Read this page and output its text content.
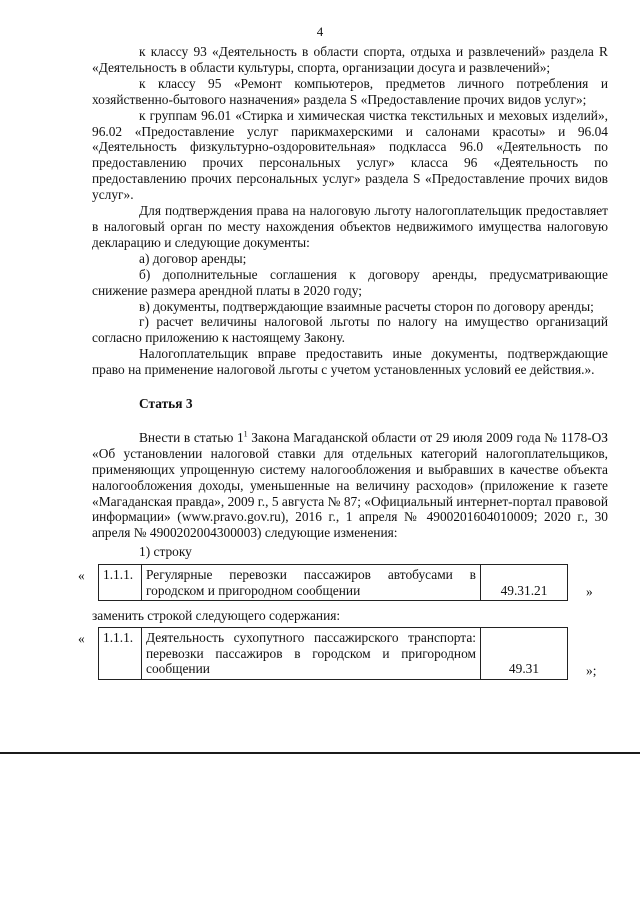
4

к классу 93 «Деятельность в области спорта, отдыха и развлечений» раздела R «Деятельность в области культуры, спорта, организации досуга и развлечений»;

к классу 95 «Ремонт компьютеров, предметов личного потребления и хозяйственно-бытового назначения» раздела S «Предоставление прочих видов услуг»;

к группам 96.01 «Стирка и химическая чистка текстильных и меховых изделий», 96.02 «Предоставление услуг парикмахерскими и салонами красоты» и 96.04 «Деятельность физкультурно-оздоровительная» подкласса 96.0 «Деятельность по предоставлению прочих персональных услуг» класса 96 «Деятельность по предоставлению прочих персональных услуг» раздела S «Предоставление прочих видов услуг».

Для подтверждения права на налоговую льготу налогоплательщик предоставляет в налоговый орган по месту нахождения объектов недвижимого имущества налоговую декларацию и следующие документы:

а) договор аренды;

б) дополнительные соглашения к договору аренды, предусматривающие снижение размера арендной платы в 2020 году;

в) документы, подтверждающие взаимные расчеты сторон по договору аренды;

г) расчет величины налоговой льготы по налогу на имущество организаций согласно приложению к настоящему Закону.

Налогоплательщик вправе предоставить иные документы, подтверждающие право на применение налоговой льготы с учетом установленных условий ее действия.».

Статья 3

Внести в статью $1^1$ Закона Магаданской области от 29 июля 2009 года № 1178-ОЗ «Об установлении налоговой ставки для отдельных категорий налогоплательщиков, применяющих упрощенную систему налогообложения и выбравших в качестве объекта налогообложения доходы, уменьшенные на величину расходов» (приложение к газете «Магаданская правда», 2009 г., 5 августа № 87; «Официальный интернет-портал правовой информации» (www.pravo.gov.ru), 2016 г., 1 апреля № 4900201604010009; 2020 г., 30 апреля № 4900202004300003) следующие изменения:

1) строку

« 1.1.1.	Регулярные перевозки пассажиров автобусами в городском и пригородном сообщении	49.31.21	»

заменить строкой следующего содержания:

« 1.1.1.	Деятельность сухопутного пассажирского транспорта: перевозки пассажиров в городском и пригородном сообщении	49.31	»;
